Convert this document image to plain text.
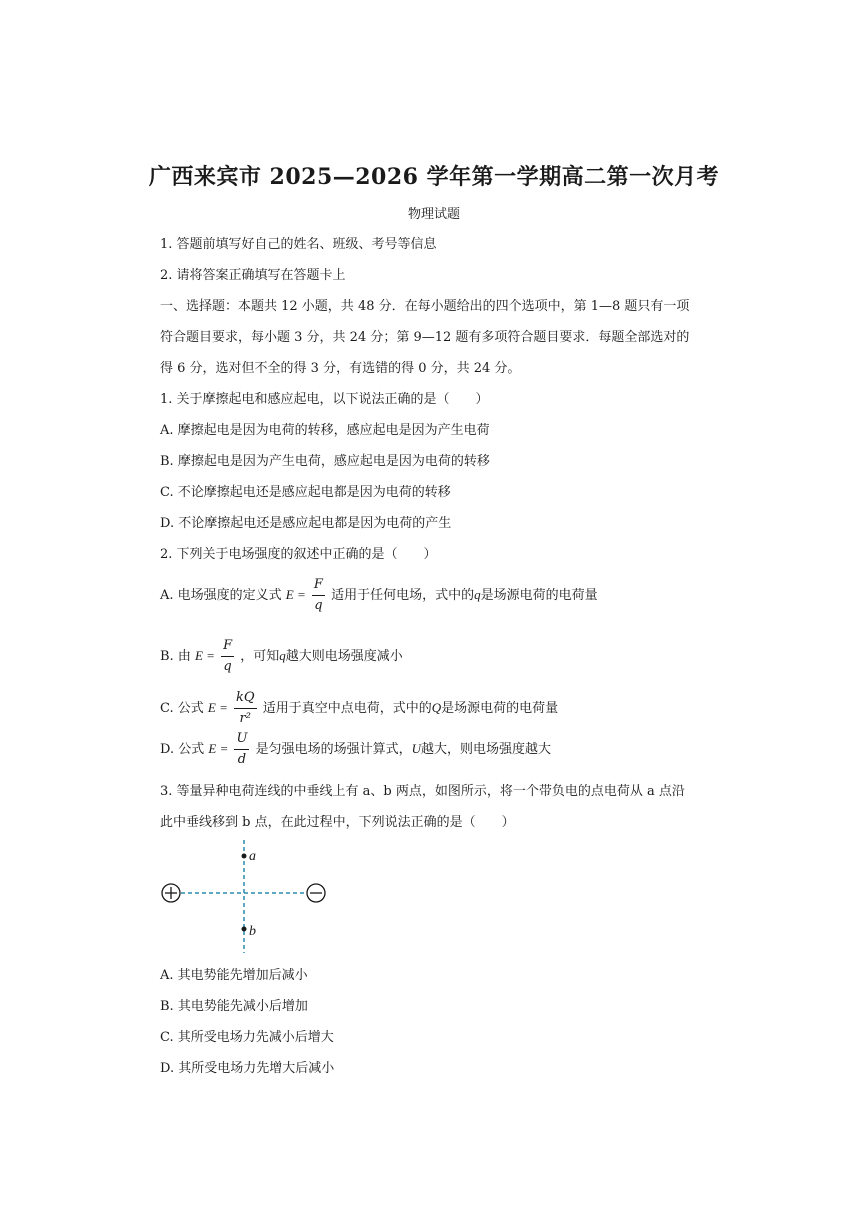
广西来宾市 2025—2026 学年第一学期高二第一次月考
物理试题
1. 答题前填写好自己的姓名、班级、考号等信息
2. 请将答案正确填写在答题卡上
一、选择题：本题共 12 小题，共 48 分．在每小题给出的四个选项中，第 1—8 题只有一项
符合题目要求，每小题 3 分，共 24 分；第 9—12 题有多项符合题目要求．每题全部选对的
得 6 分，选对但不全的得 3 分，有选错的得 0 分，共 24 分。
1. 关于摩擦起电和感应起电，以下说法正确的是（　　）
A. 摩擦起电是因为电荷的转移，感应起电是因为产生电荷
B. 摩擦起电是因为产生电荷，感应起电是因为电荷的转移
C. 不论摩擦起电还是感应起电都是因为电荷的转移
D. 不论摩擦起电还是感应起电都是因为电荷的产生
2. 下列关于电场强度的叙述中正确的是（　　）
A. 电场强度的定义式 $E = \frac{F}{q}$ 适用于任何电场，式中的q是场源电荷的电荷量
B. 由 $E = \frac{F}{q}$ ，可知q越大则电场强度减小
C. 公式 $E = \frac{kQ}{\text{r²}}$ 适用于真空中点电荷，式中的Q是场源电荷的电荷量
D. 公式 $E = \frac{U}{d}$ 是匀强电场的场强计算式，U越大，则电场强度越大
3. 等量异种电荷连线的中垂线上有 a、b 两点，如图所示，将一个带负电的点电荷从 a 点沿
此中垂线移到 b 点，在此过程中，下列说法正确的是（　　）
a
b
A. 其电势能先增加后减小
B. 其电势能先减小后增加
C. 其所受电场力先减小后增大
D. 其所受电场力先增大后减小
